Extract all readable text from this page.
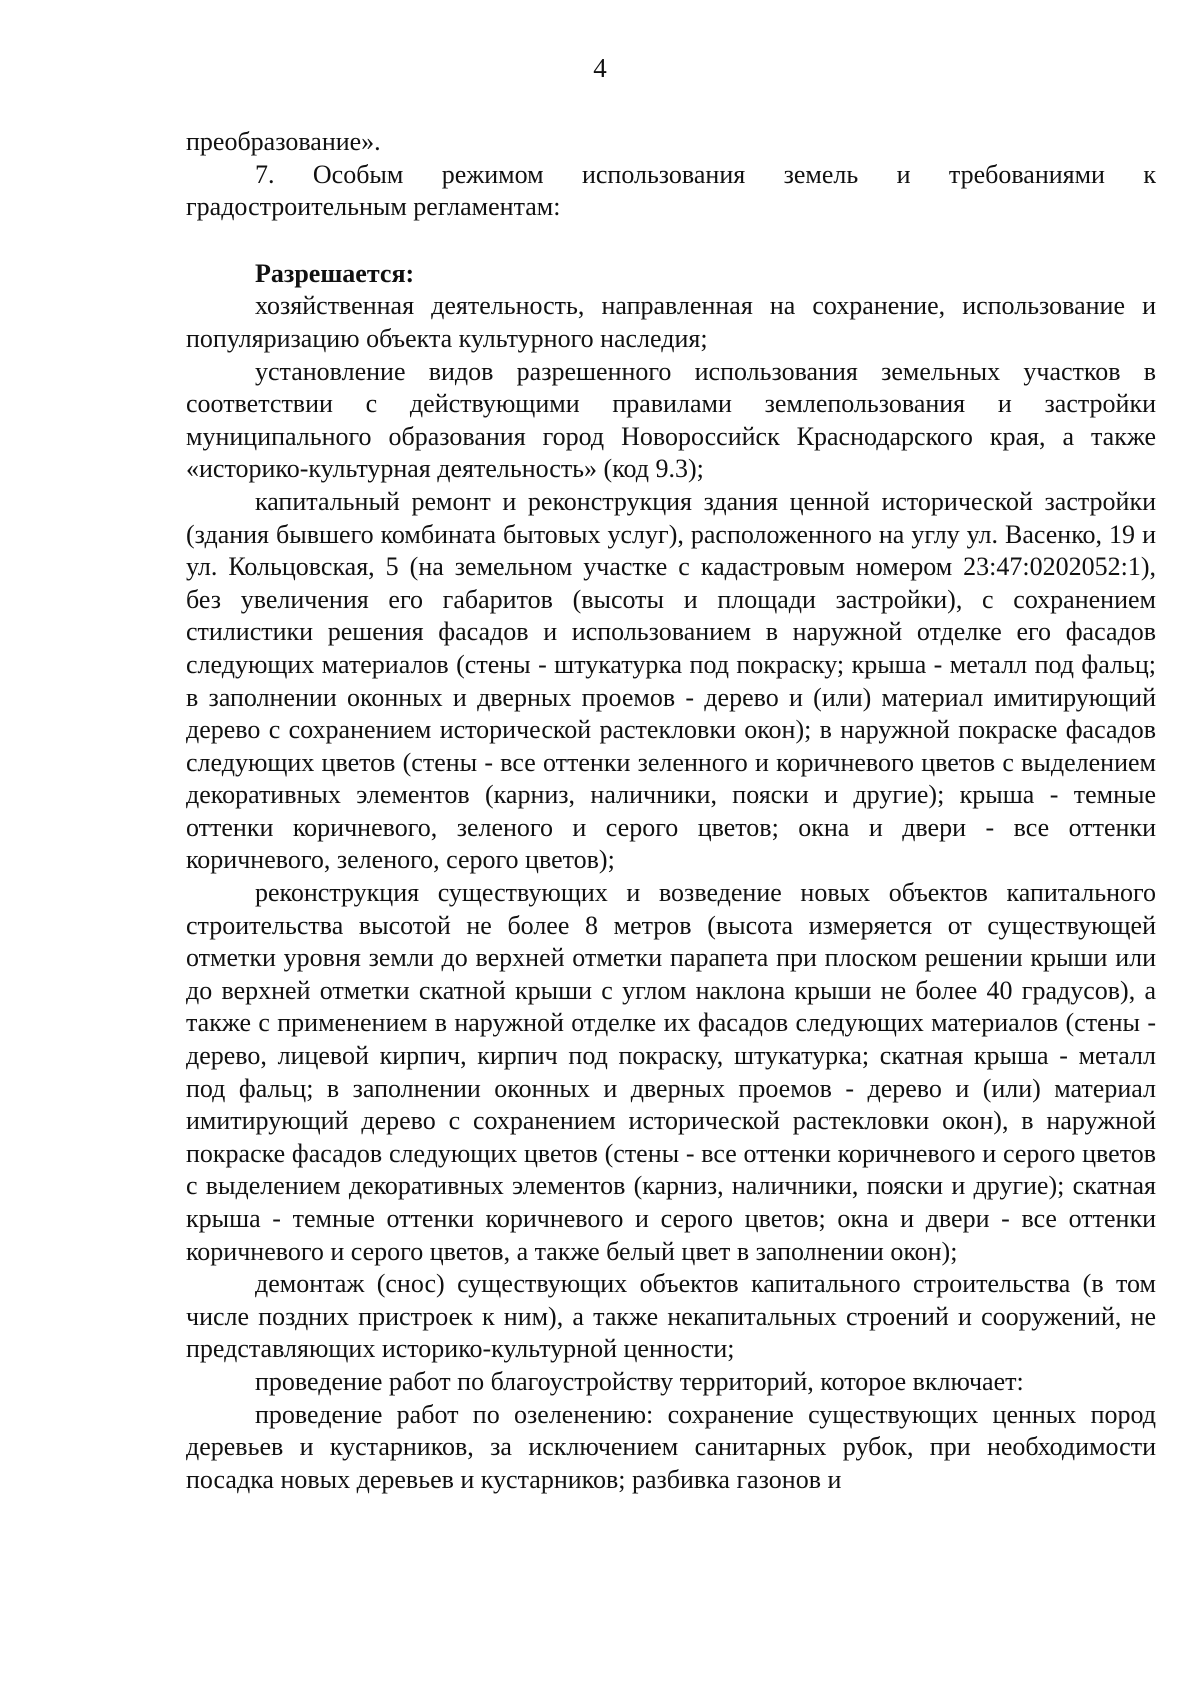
4

преобразование».

7. Особым режимом использования земель и требованиями к градостроительным регламентам:

Разрешается:

хозяйственная деятельность, направленная на сохранение, использование и популяризацию объекта культурного наследия;

установление видов разрешенного использования земельных участков в соответствии с действующими правилами землепользования и застройки муниципального образования город Новороссийск Краснодарского края, а также «историко-культурная деятельность» (код 9.3);

капитальный ремонт и реконструкция здания ценной исторической застройки (здания бывшего комбината бытовых услуг), расположенного на углу ул. Васенко, 19 и ул. Кольцовская, 5 (на земельном участке с кадастровым номером 23:47:0202052:1), без увеличения его габаритов (высоты и площади застройки), с сохранением стилистики решения фасадов и использованием в наружной отделке его фасадов следующих материалов (стены - штукатурка под покраску; крыша - металл под фальц; в заполнении оконных и дверных проемов - дерево и (или) материал имитирующий дерево с сохранением исторической растекловки окон); в наружной покраске фасадов следующих цветов (стены - все оттенки зеленного и коричневого цветов с выделением декоративных элементов (карниз, наличники, пояски и другие); крыша - темные оттенки коричневого, зеленого и серого цветов; окна и двери - все оттенки коричневого, зеленого, серого цветов);

реконструкция существующих и возведение новых объектов капитального строительства высотой не более 8 метров (высота измеряется от существующей отметки уровня земли до верхней отметки парапета при плоском решении крыши или до верхней отметки скатной крыши с углом наклона крыши не более 40 градусов), а также с применением в наружной отделке их фасадов следующих материалов (стены - дерево, лицевой кирпич, кирпич под покраску, штукатурка; скатная крыша - металл под фальц; в заполнении оконных и дверных проемов - дерево и (или) материал имитирующий дерево с сохранением исторической растекловки окон), в наружной покраске фасадов следующих цветов (стены - все оттенки коричневого и серого цветов с выделением декоративных элементов (карниз, наличники, пояски и другие); скатная крыша - темные оттенки коричневого и серого цветов; окна и двери - все оттенки коричневого и серого цветов, а также белый цвет в заполнении окон);

демонтаж (снос) существующих объектов капитального строительства (в том числе поздних пристроек к ним), а также некапитальных строений и сооружений, не представляющих историко-культурной ценности;

проведение работ по благоустройству территорий, которое включает:

проведение работ по озеленению: сохранение существующих ценных пород деревьев и кустарников, за исключением санитарных рубок, при необходимости посадка новых деревьев и кустарников; разбивка газонов и
